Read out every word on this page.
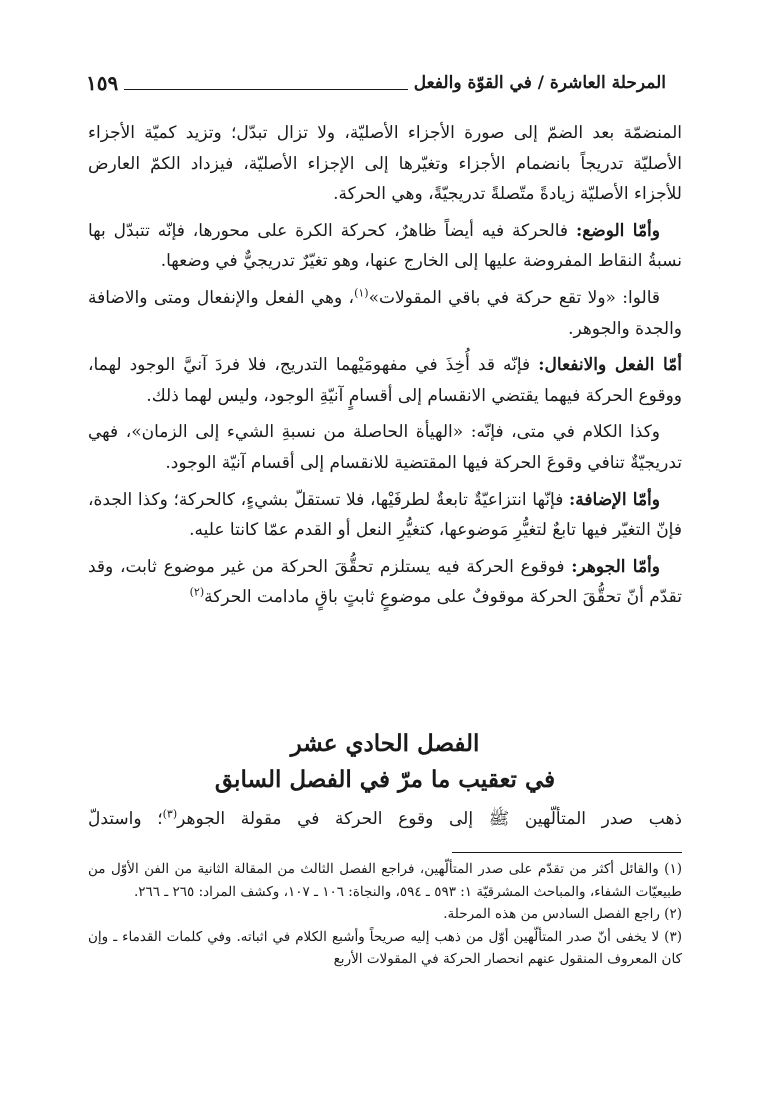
المرحلة العاشرة / في القوّة والفعل
١٥٩

المنضمّة بعد الضمّ إلى صورة الأجزاء الأصليّة، ولا تزال تبدّل؛ وتزيد كميّة الأجزاء الأصليّة تدريجاً بانضمام الأجزاء وتغيّرها إلى الإجزاء الأصليّة، فيزداد الكمّ العارض للأجزاء الأصليّة زيادةً متّصلةً تدريجيّةً، وهي الحركة.

وأمّا الوضع: فالحركة فيه أيضاً ظاهرٌ، كحركة الكرة على محورها، فإنّه تتبدّل بها نسبةُ النقاط المفروضة عليها إلى الخارج عنها، وهو تغيّرٌ تدريجيٌّ في وضعها.

قالوا: «ولا تقع حركة في باقي المقولات»$^{(١)}$، وهي الفعل والإنفعال ومتى والاضافة والجدة والجوهر.

أمّا الفعل والانفعال: فإنّه قد أُخِذَ في مفهومَيْهما التدريج، فلا فردَ آنيَّ الوجود لهما، ووقوع الحركة فيهما يقتضي الانقسام إلى أقسامٍ آنيّةِ الوجود، وليس لهما ذلك.

وكذا الكلام في متى، فإنّه: «الهيأة الحاصلة من نسبةِ الشيء إلى الزمان»، فهي تدريجيّةٌ تنافي وقوعَ الحركة فيها المقتضية للانقسام إلى أقسام آنيّة الوجود.

وأمّا الإضافة: فإنّها انتزاعيّةٌ تابعةٌ لطرفَيْها، فلا تستقلّ بشيءٍ، كالحركة؛ وكذا الجدة، فإنّ التغيّر فيها تابعٌ لتغيُّرِ مَوضوعها، كتغيُّرِ النعل أو القدم عمّا كانتا عليه.

وأمّا الجوهر: فوقوع الحركة فيه يستلزم تحقُّقَ الحركة من غير موضوع ثابت، وقد تقدّم أنّ تحقُّقَ الحركة موقوفٌ على موضوعٍ ثابتٍ باقٍ مادامت الحركة$^{(٢)}$

الفصل الحادي عشر
في تعقيب ما مرّ في الفصل السابق

ذهب صدر المتألّهين ﷺ إلى وقوع الحركة في مقولة الجوهر$^{(٣)}$؛ واستدلّ

(١) والقائل أكثر من تقدّم على صدر المتألّهين، فراجع الفصل الثالث من المقالة الثانية من الفن الأوّل من طبيعيّات الشفاء، والمباحث المشرقيّة ١: ٥٩٣ ـ ٥٩٤، والنجاة: ١٠٦ ـ ١٠٧، وكشف المراد: ٢٦٥ ـ ٢٦٦.

(٢) راجع الفصل السادس من هذه المرحلة.

(٣) لا يخفى أنّ صدر المتألّهين أوّل من ذهب إليه صريحاً وأشبع الكلام في اثباته. وفي كلمات القدماء ـ وإن كان المعروف المنقول عنهم انحصار الحركة في المقولات الأربع
